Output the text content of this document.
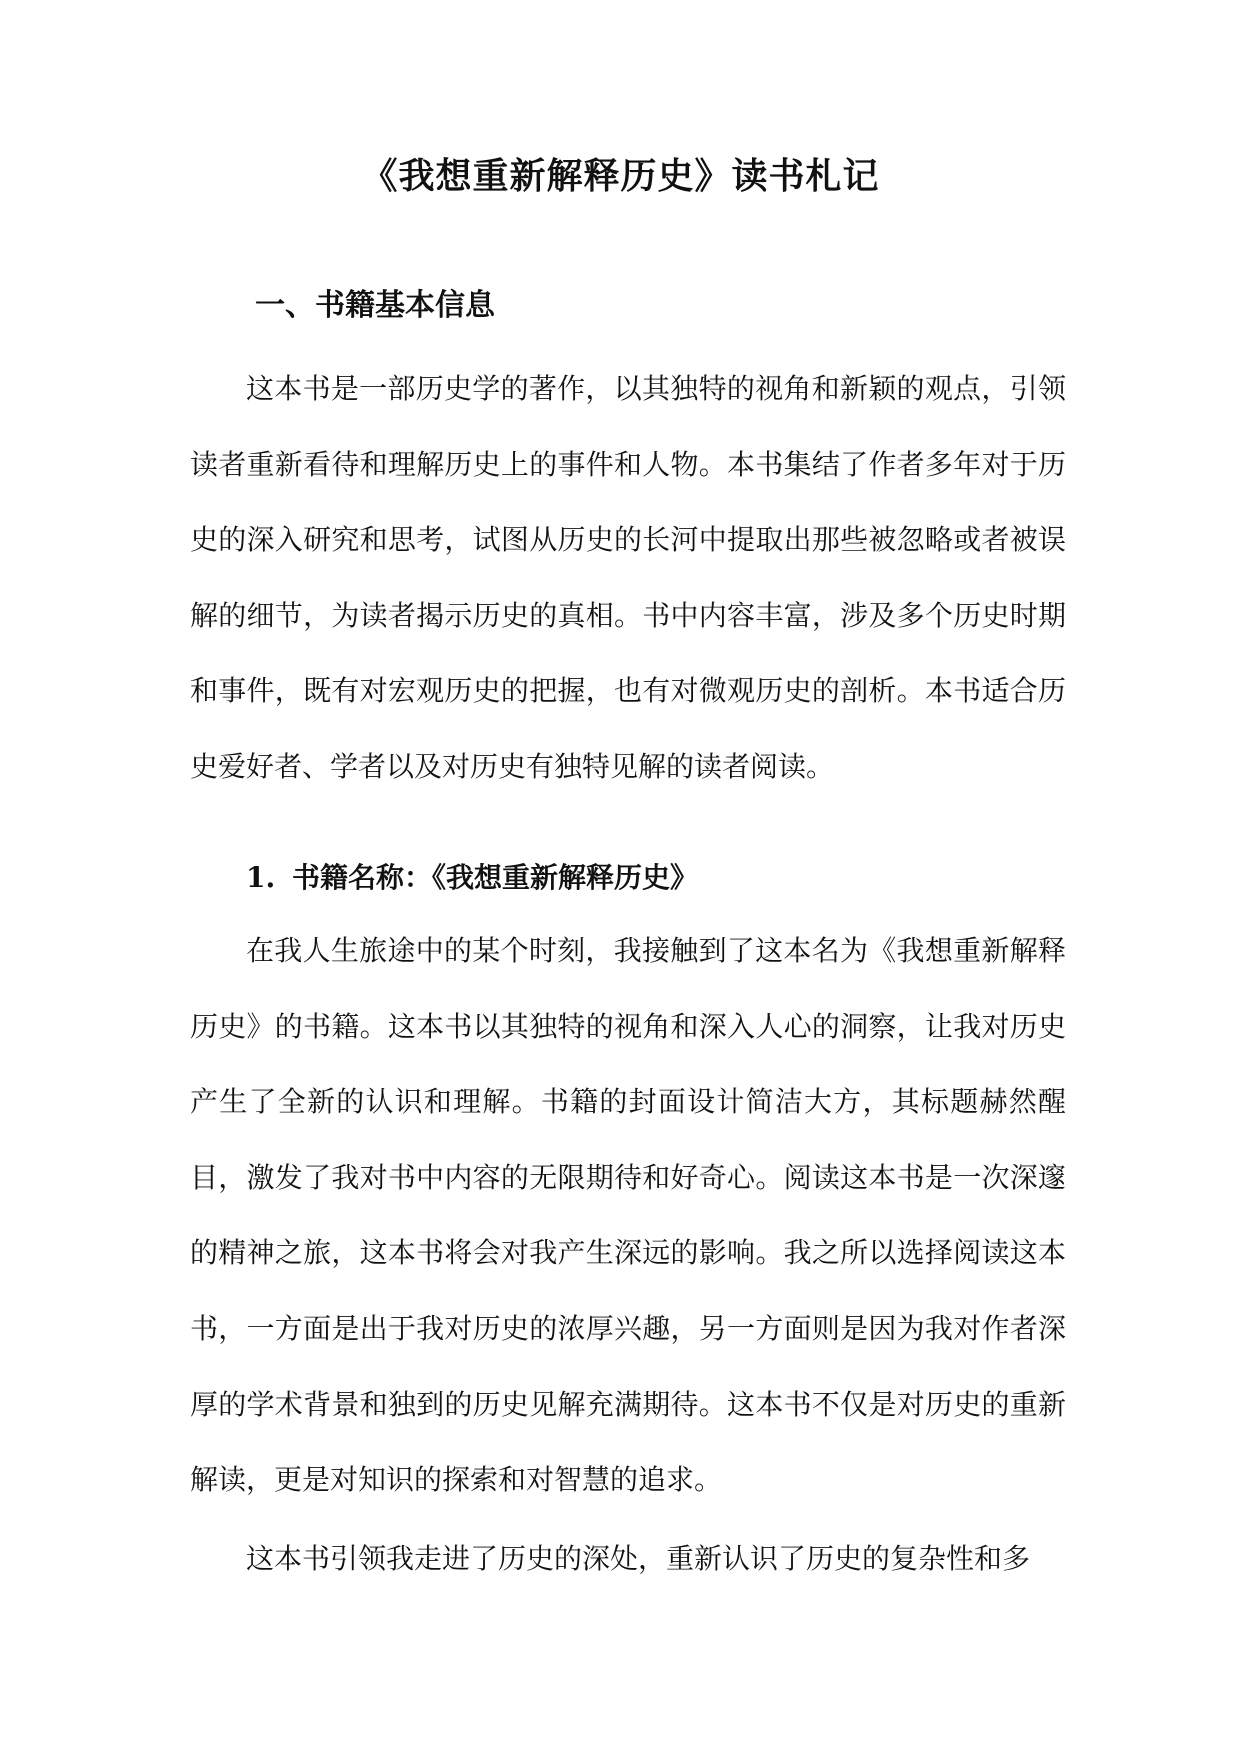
《我想重新解释历史》读书札记
一、书籍基本信息

这本书是一部历史学的著作，以其独特的视角和新颖的观点，引领读者重新看待和理解历史上的事件和人物。本书集结了作者多年对于历史的深入研究和思考，试图从历史的长河中提取出那些被忽略或者被误解的细节，为读者揭示历史的真相。书中内容丰富，涉及多个历史时期和事件，既有对宏观历史的把握，也有对微观历史的剖析。本书适合历史爱好者、学者以及对历史有独特见解的读者阅读。

1. 书籍名称：《我想重新解释历史》

在我人生旅途中的某个时刻，我接触到了这本名为《我想重新解释历史》的书籍。这本书以其独特的视角和深入人心的洞察，让我对历史产生了全新的认识和理解。书籍的封面设计简洁大方，其标题赫然醒目，激发了我对书中内容的无限期待和好奇心。阅读这本书是一次深邃的精神之旅，这本书将会对我产生深远的影响。我之所以选择阅读这本书，一方面是出于我对历史的浓厚兴趣，另一方面则是因为我对作者深厚的学术背景和独到的历史见解充满期待。这本书不仅是对历史的重新解读，更是对知识的探索和对智慧的追求。

这本书引领我走进了历史的深处，重新认识了历史的复杂性和多
